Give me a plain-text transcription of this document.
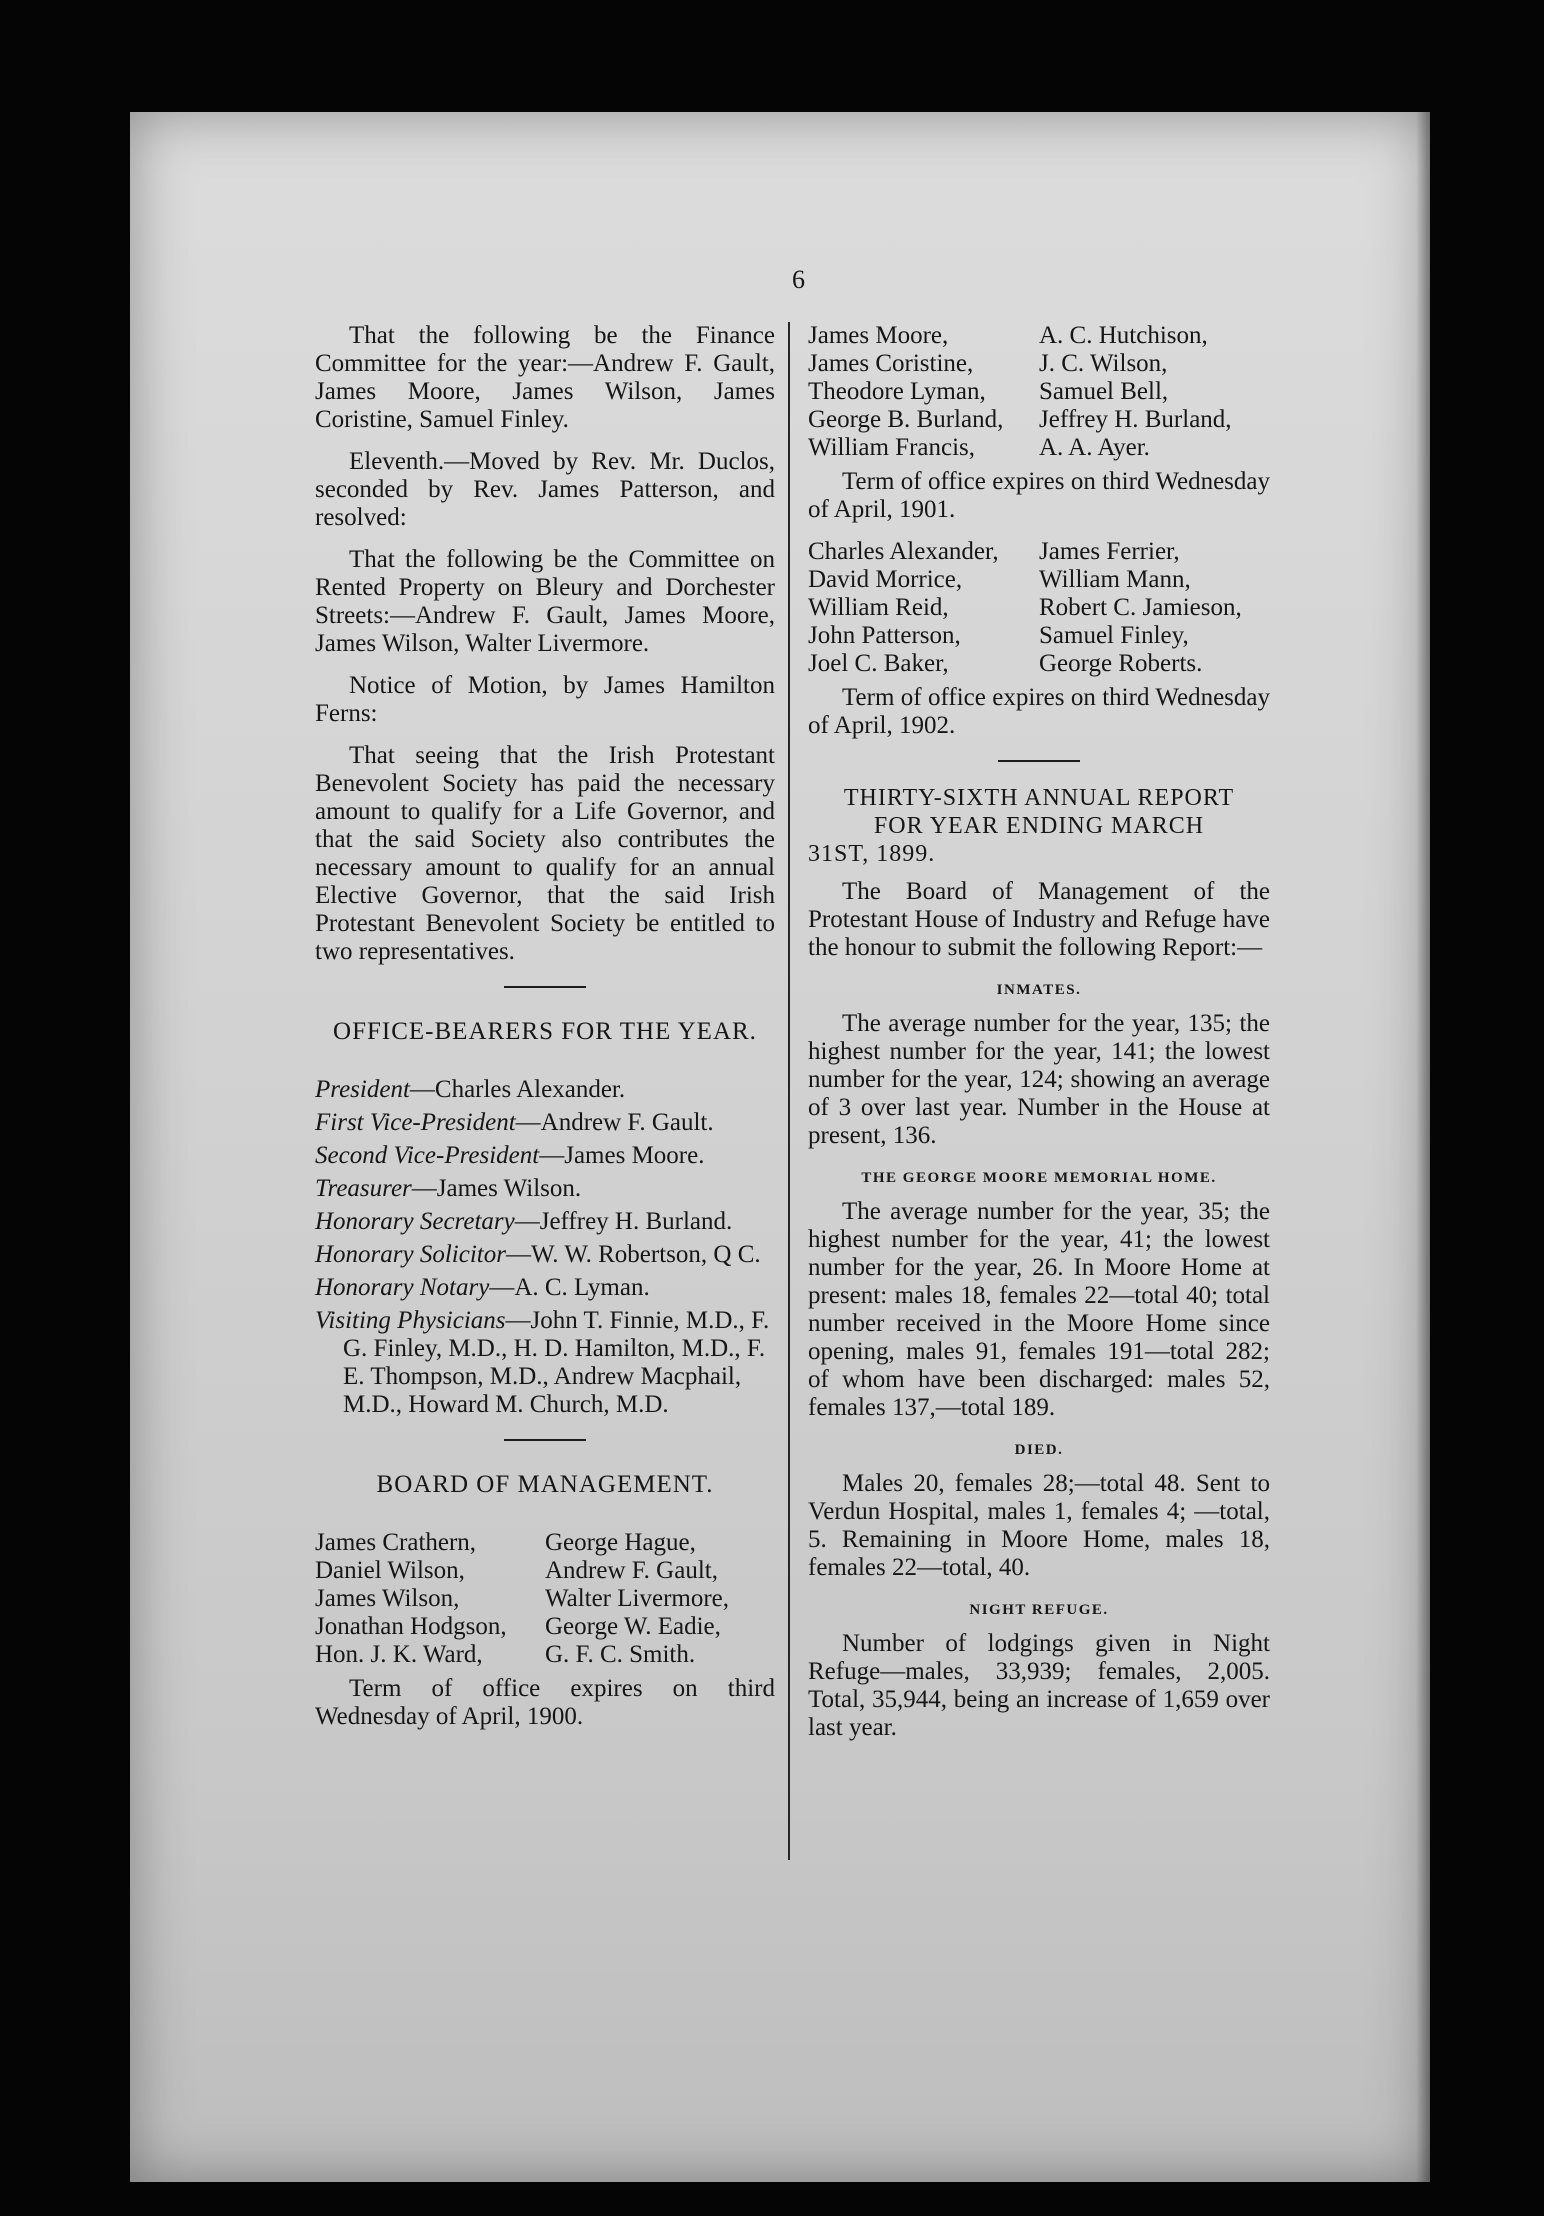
6

That the following be the Finance Committee for the year:—Andrew F. Gault, James Moore, James Wilson, James Coristine, Samuel Finley.

Eleventh.—Moved by Rev. Mr. Duclos, seconded by Rev. James Patterson, and resolved:

That the following be the Committee on Rented Property on Bleury and Dorchester Streets:—Andrew F. Gault, James Moore, James Wilson, Walter Livermore.

Notice of Motion, by James Hamilton Ferns:

That seeing that the Irish Protestant Benevolent Society has paid the necessary amount to qualify for a Life Governor, and that the said Society also contributes the necessary amount to qualify for an annual Elective Governor, that the said Irish Protestant Benevolent Society be entitled to two representatives.

OFFICE-BEARERS FOR THE YEAR.

President—Charles Alexander.

First Vice-President—Andrew F. Gault.

Second Vice-President—James Moore.

Treasurer—James Wilson.

Honorary Secretary—Jeffrey H. Burland.

Honorary Solicitor—W. W. Robertson, Q C.

Honorary Notary—A. C. Lyman.

Visiting Physicians—John T. Finnie, M.D., F. G. Finley, M.D., H. D. Hamilton, M.D., F. E. Thompson, M.D., Andrew Macphail, M.D., Howard M. Church, M.D.

BOARD OF MANAGEMENT.
James Crathern,	George Hague,
Daniel Wilson,	Andrew F. Gault,
James Wilson,	Walter Livermore,
Jonathan Hodgson,	George W. Eadie,
Hon. J. K. Ward,	G. F. C. Smith.

Term of office expires on third Wednesday of April, 1900.

James Moore,	A. C. Hutchison,
James Coristine,	J. C. Wilson,
Theodore Lyman,	Samuel Bell,
George B. Burland,	Jeffrey H. Burland,
William Francis,	A. A. Ayer.

Term of office expires on third Wednesday of April, 1901.

Charles Alexander,	James Ferrier,
David Morrice,	William Mann,
William Reid,	Robert C. Jamieson,
John Patterson,	Samuel Finley,
Joel C. Baker,	George Roberts.

Term of office expires on third Wednesday of April, 1902.

THIRTY-SIXTH ANNUAL REPORT
FOR YEAR ENDING MARCH
31ST, 1899.

The Board of Management of the Protestant House of Industry and Refuge have the honour to submit the following Report:—

INMATES.

The average number for the year, 135; the highest number for the year, 141; the lowest number for the year, 124; showing an average of 3 over last year. Number in the House at present, 136.

THE GEORGE MOORE MEMORIAL HOME.

The average number for the year, 35; the highest number for the year, 41; the lowest number for the year, 26. In Moore Home at present: males 18, females 22—total 40; total number received in the Moore Home since opening, males 91, females 191—total 282; of whom have been discharged: males 52, females 137,—total 189.

DIED.

Males 20, females 28;—total 48. Sent to Verdun Hospital, males 1, females 4; —total, 5. Remaining in Moore Home, males 18, females 22—total, 40.

NIGHT REFUGE.

Number of lodgings given in Night Refuge—males, 33,939; females, 2,005. Total, 35,944, being an increase of 1,659 over last year.
